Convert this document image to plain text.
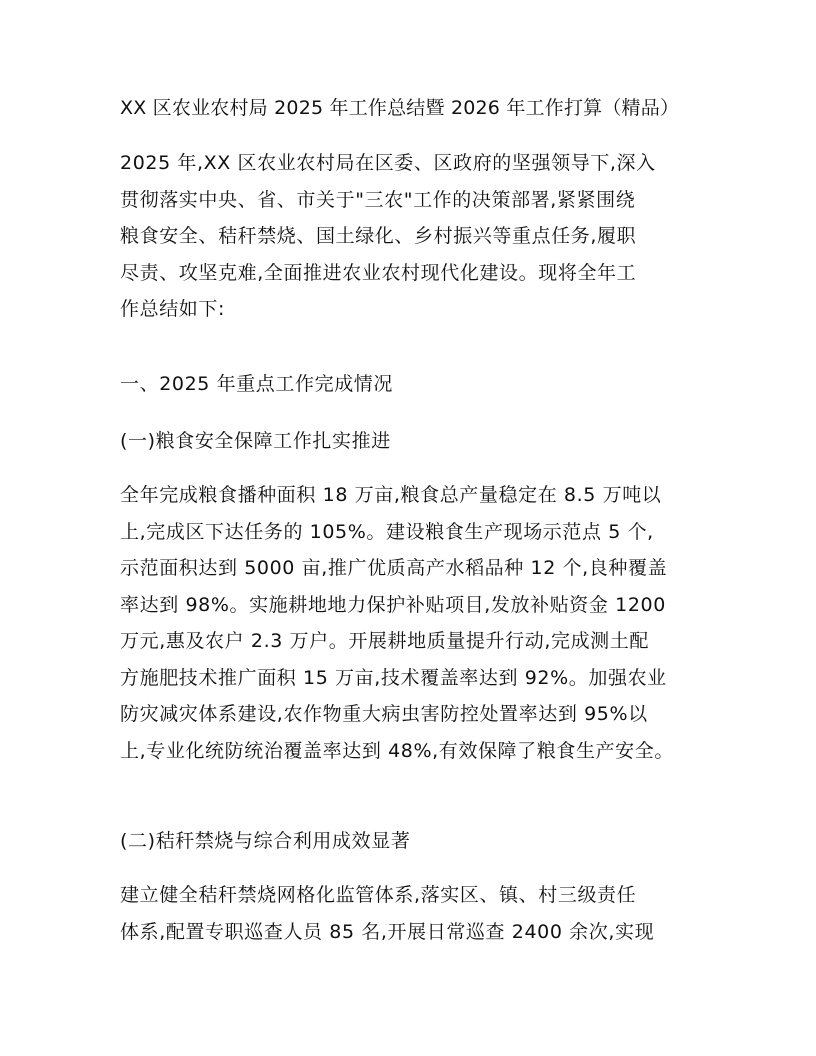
XX 区农业农村局 2025 年工作总结暨 2026 年工作打算（精品）
2025 年,XX 区农业农村局在区委、区政府的坚强领导下,深入
贯彻落实中央、省、市关于"三农"工作的决策部署,紧紧围绕
粮食安全、秸秆禁烧、国土绿化、乡村振兴等重点任务,履职
尽责、攻坚克难,全面推进农业农村现代化建设。现将全年工
作总结如下:
一、2025 年重点工作完成情况
(一)粮食安全保障工作扎实推进
全年完成粮食播种面积 18 万亩,粮食总产量稳定在 8.5 万吨以
上,完成区下达任务的 105%。建设粮食生产现场示范点 5 个,
示范面积达到 5000 亩,推广优质高产水稻品种 12 个,良种覆盖
率达到 98%。实施耕地地力保护补贴项目,发放补贴资金 1200
万元,惠及农户 2.3 万户。开展耕地质量提升行动,完成测土配
方施肥技术推广面积 15 万亩,技术覆盖率达到 92%。加强农业
防灾减灾体系建设,农作物重大病虫害防控处置率达到 95%以
上,专业化统防统治覆盖率达到 48%,有效保障了粮食生产安全。
(二)秸秆禁烧与综合利用成效显著
建立健全秸秆禁烧网格化监管体系,落实区、镇、村三级责任
体系,配置专职巡查人员 85 名,开展日常巡查 2400 余次,实现
